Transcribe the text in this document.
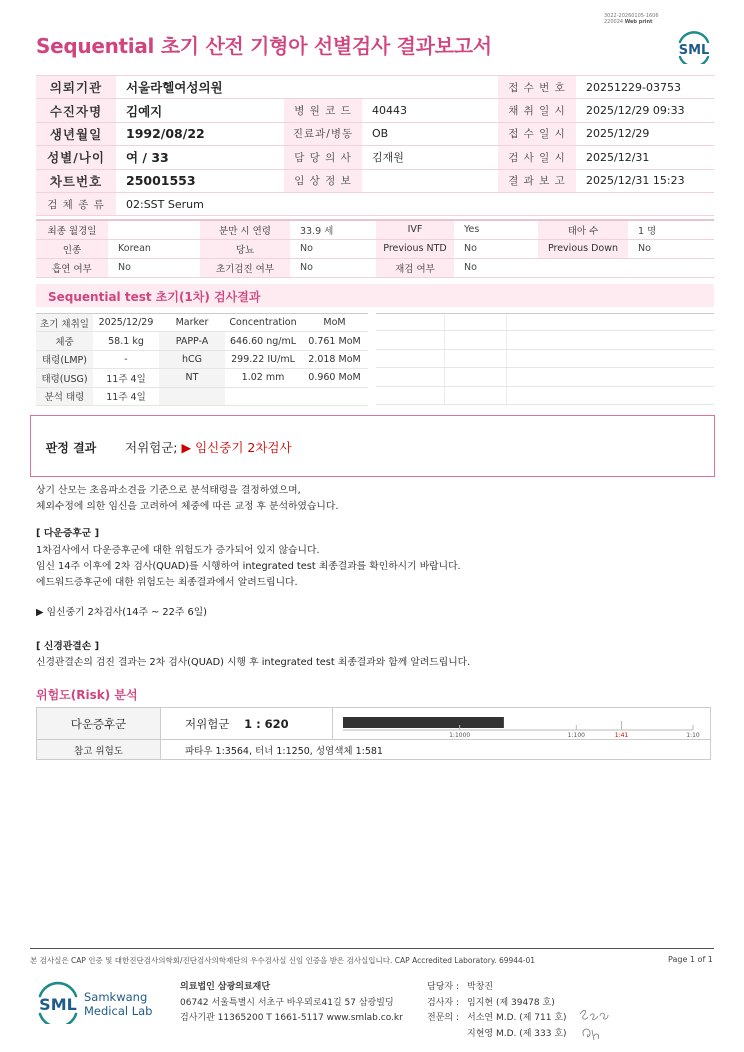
3022-20260105-1606
220024 Web print
Sequential 초기 산전 기형아 선별검사 결과보고서	SML
의뢰기관	서울라헬여성의원			접 수 번 호	20251229-03753
수진자명	김예지	병 원 코 드	40443	채 취 일 시	2025/12/29 09:33
생년월일	1992/08/22	진료과/병동	OB	접 수 일 시	2025/12/29
성별/나이	여 / 33	담 당 의 사	김재원	검 사 일 시	2025/12/31
차트번호	25001553	임 상 정 보		결 과 보 고	2025/12/31 15:23
검 체 종 류	02:SST Serum				
최종 월경일		분만 시 연령	33.9 세	IVF	Yes	태아 수	1 명
인종	Korean	당뇨	No	Previous NTD	No	Previous Down	No
흡연 여부	No	초기검진 여부	No	재검 여부	No		
Sequential test 초기(1차) 검사결과
초기 채취일	2025/12/29	Marker	Concentration	MoM
체중	58.1 kg	PAPP-A	646.60 ng/mL	0.761 MoM
태령(LMP)	-	hCG	299.22 IU/mL	2.018 MoM
태령(USG)	11주 4일	NT	1.02 mm	0.960 MoM
분석 태령	11주 4일			
판정 결과	저위험군; ▶ 임신중기 2차검사
상기 산모는 초음파소견을 기준으로 분석태령을 결정하였으며,
체외수정에 의한 임신을 고려하여 체중에 따른 교정 후 분석하였습니다.
[ 다운증후군 ]
1차검사에서 다운증후군에 대한 위험도가 증가되어 있지 않습니다.
임신 14주 이후에 2차 검사(QUAD)를 시행하여 integrated test 최종결과를 확인하시기 바랍니다.
에드워드증후군에 대한 위험도는 최종결과에서 알려드립니다.
▶ 임신중기 2차검사(14주 ~ 22주 6일)
[ 신경관결손 ]
신경관결손의 검진 결과는 2차 검사(QUAD) 시행 후 integrated test 최종결과와 함께 알려드립니다.
위험도(Risk) 분석
다운증후군	저위험군 1 : 620	1:1000 1:100 1:41 1:10

참고 위험도	파타우 1:3564, 터너 1:1250, 성염색체 1:581	
본 검사실은 CAP 인증 및 대한진단검사의학회/진단검사의학재단의 우수검사실 신임 인증을 받은 검사실입니다. CAP Accredited Laboratory. 69944-01	Page 1 of 1
SML Samkwang
Medical Lab
의료법인 삼광의료재단
06742 서울특별시 서초구 바우뫼로41길 57 삼광빌딩
검사기관 11365200 T 1661-5117 www.smlab.co.kr
담당자 : 박창진
검사자 : 임지현 (제 39478 호)
전문의 : 서소연 M.D. (제 711 호)
지현영 M.D. (제 333 호)
